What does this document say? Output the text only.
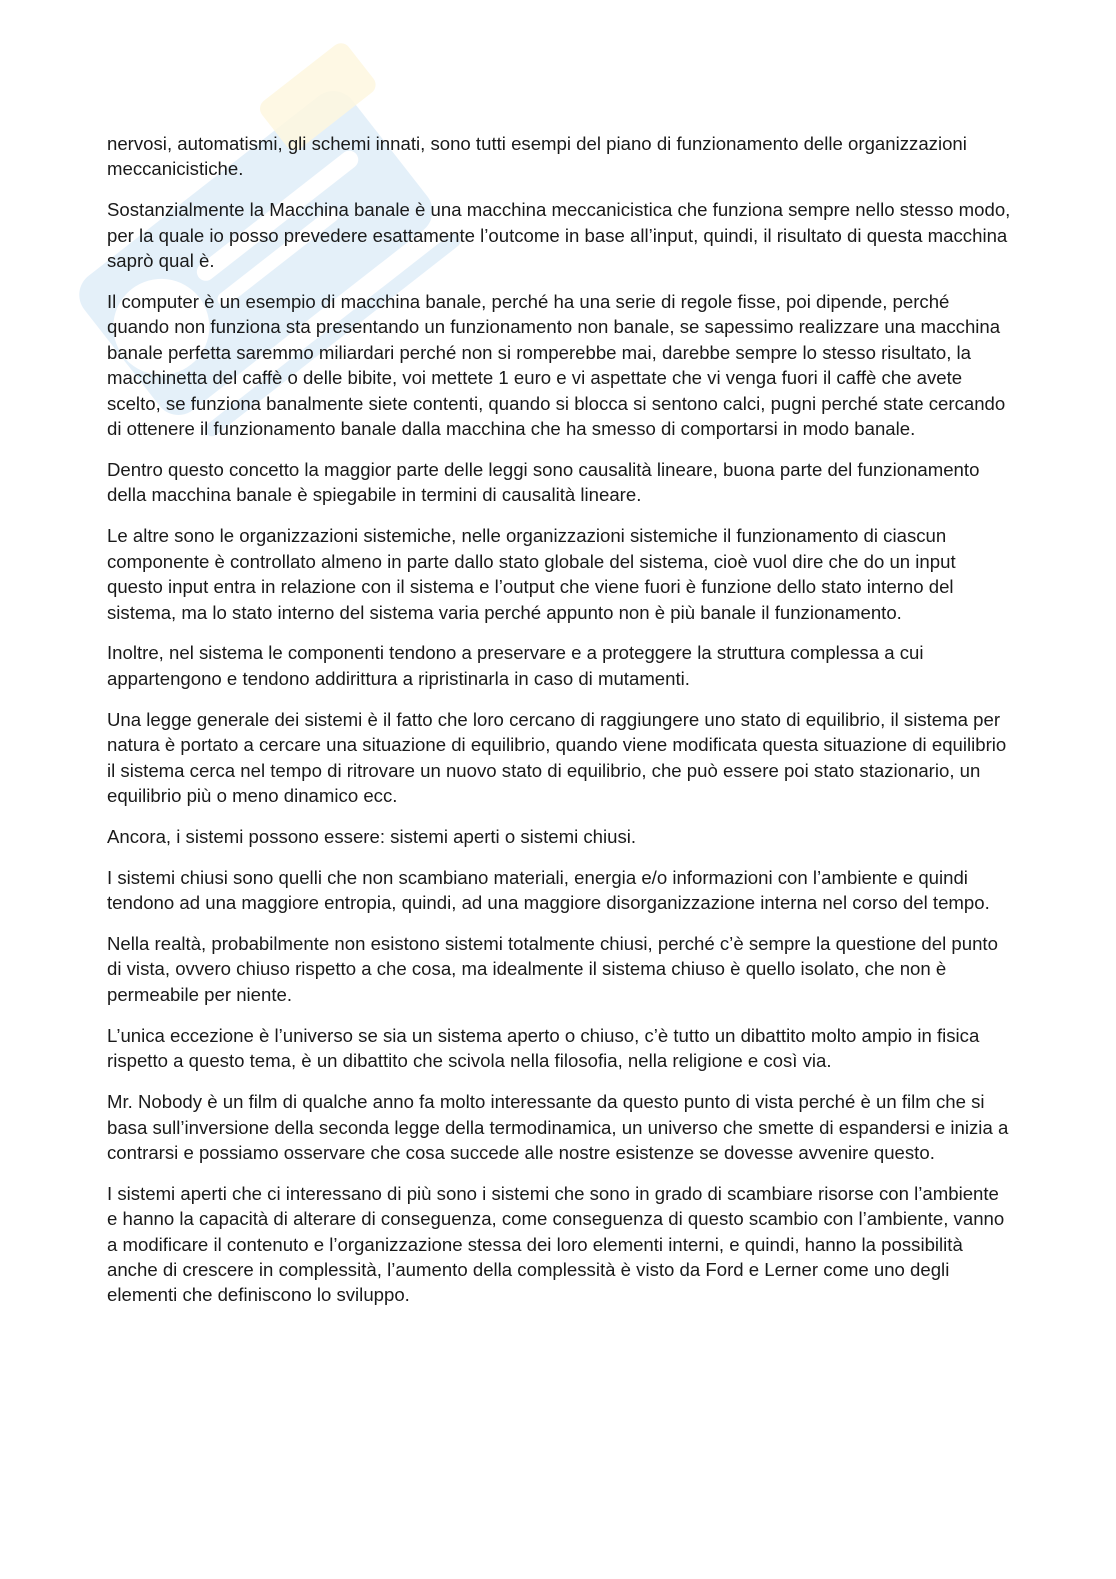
nervosi, automatismi, gli schemi innati, sono tutti esempi del piano di funzionamento delle organizzazioni meccanicistiche.

Sostanzialmente la Macchina banale è una macchina meccanicistica che funziona sempre nello stesso modo, per la quale io posso prevedere esattamente l’outcome in base all’input, quindi, il risultato di questa macchina saprò qual è.

Il computer è un esempio di macchina banale, perché ha una serie di regole fisse, poi dipende, perché quando non funziona sta presentando un funzionamento non banale, se sapessimo realizzare una macchina banale perfetta saremmo miliardari perché non si romperebbe mai, darebbe sempre lo stesso risultato, la macchinetta del caffè o delle bibite, voi mettete 1 euro e vi aspettate che vi venga fuori il caffè che avete scelto, se funziona banalmente siete contenti, quando si blocca si sentono calci, pugni perché state cercando di ottenere il funzionamento banale dalla macchina che ha smesso di comportarsi in modo banale.

Dentro questo concetto la maggior parte delle leggi sono causalità lineare, buona parte del funzionamento della macchina banale è spiegabile in termini di causalità lineare.

Le altre sono le organizzazioni sistemiche, nelle organizzazioni sistemiche il funzionamento di ciascun componente è controllato almeno in parte dallo stato globale del sistema, cioè vuol dire che do un input questo input entra in relazione con il sistema e l’output che viene fuori è funzione dello stato interno del sistema, ma lo stato interno del sistema varia perché appunto non è più banale il funzionamento.

Inoltre, nel sistema le componenti tendono a preservare e a proteggere la struttura complessa a cui appartengono e tendono addirittura a ripristinarla in caso di mutamenti.

Una legge generale dei sistemi è il fatto che loro cercano di raggiungere uno stato di equilibrio, il sistema per natura è portato a cercare una situazione di equilibrio, quando viene modificata questa situazione di equilibrio il sistema cerca nel tempo di ritrovare un nuovo stato di equilibrio, che può essere poi stato stazionario, un equilibrio più o meno dinamico ecc.

Ancora, i sistemi possono essere: sistemi aperti o sistemi chiusi.

I sistemi chiusi sono quelli che non scambiano materiali, energia e/o informazioni con l’ambiente e quindi tendono ad una maggiore entropia, quindi, ad una maggiore disorganizzazione interna nel corso del tempo.

Nella realtà, probabilmente non esistono sistemi totalmente chiusi, perché c’è sempre la questione del punto di vista, ovvero chiuso rispetto a che cosa, ma idealmente il sistema chiuso è quello isolato, che non è permeabile per niente.

L’unica eccezione è l’universo se sia un sistema aperto o chiuso, c’è tutto un dibattito molto ampio in fisica rispetto a questo tema, è un dibattito che scivola nella filosofia, nella religione e così via.

Mr. Nobody è un film di qualche anno fa molto interessante da questo punto di vista perché è un film che si basa sull’inversione della seconda legge della termodinamica, un universo che smette di espandersi e inizia a contrarsi e possiamo osservare che cosa succede alle nostre esistenze se dovesse avvenire questo.

I sistemi aperti che ci interessano di più sono i sistemi che sono in grado di scambiare risorse con l’ambiente e hanno la capacità di alterare di conseguenza, come conseguenza di questo scambio con l’ambiente, vanno a modificare il contenuto e l’organizzazione stessa dei loro elementi interni, e quindi, hanno la possibilità anche di crescere in complessità, l’aumento della complessità è visto da Ford e Lerner come uno degli elementi che definiscono lo sviluppo.
